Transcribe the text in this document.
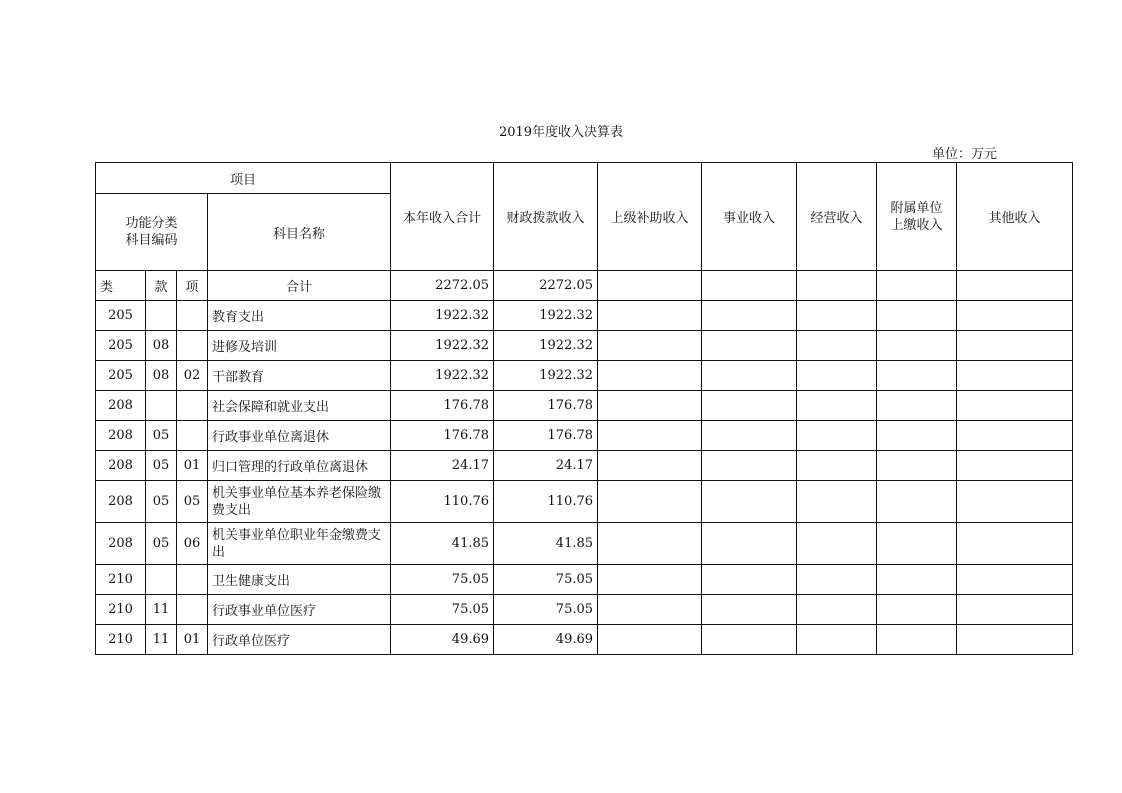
2019年度收入决算表
单位：万元
项目				本年收入合计	财政拨款收入	上级补助收入	事业收入	经营收入	附属单位上缴收入	其他收入
功能分类科目编码			科目名称							
类	款	项	合计	2272.05	2272.05					
205			教育支出	1922.32	1922.32					
205	08		进修及培训	1922.32	1922.32					
205	08	02	干部教育	1922.32	1922.32					
208			社会保障和就业支出	176.78	176.78					
208	05		行政事业单位离退休	176.78	176.78					
208	05	01	归口管理的行政单位离退休	24.17	24.17					
208	05	05	机关事业单位基本养老保险缴费支出	110.76	110.76					
208	05	06	机关事业单位职业年金缴费支出	41.85	41.85					
210			卫生健康支出	75.05	75.05					
210	11		行政事业单位医疗	75.05	75.05					
210	11	01	行政单位医疗	49.69	49.69					
